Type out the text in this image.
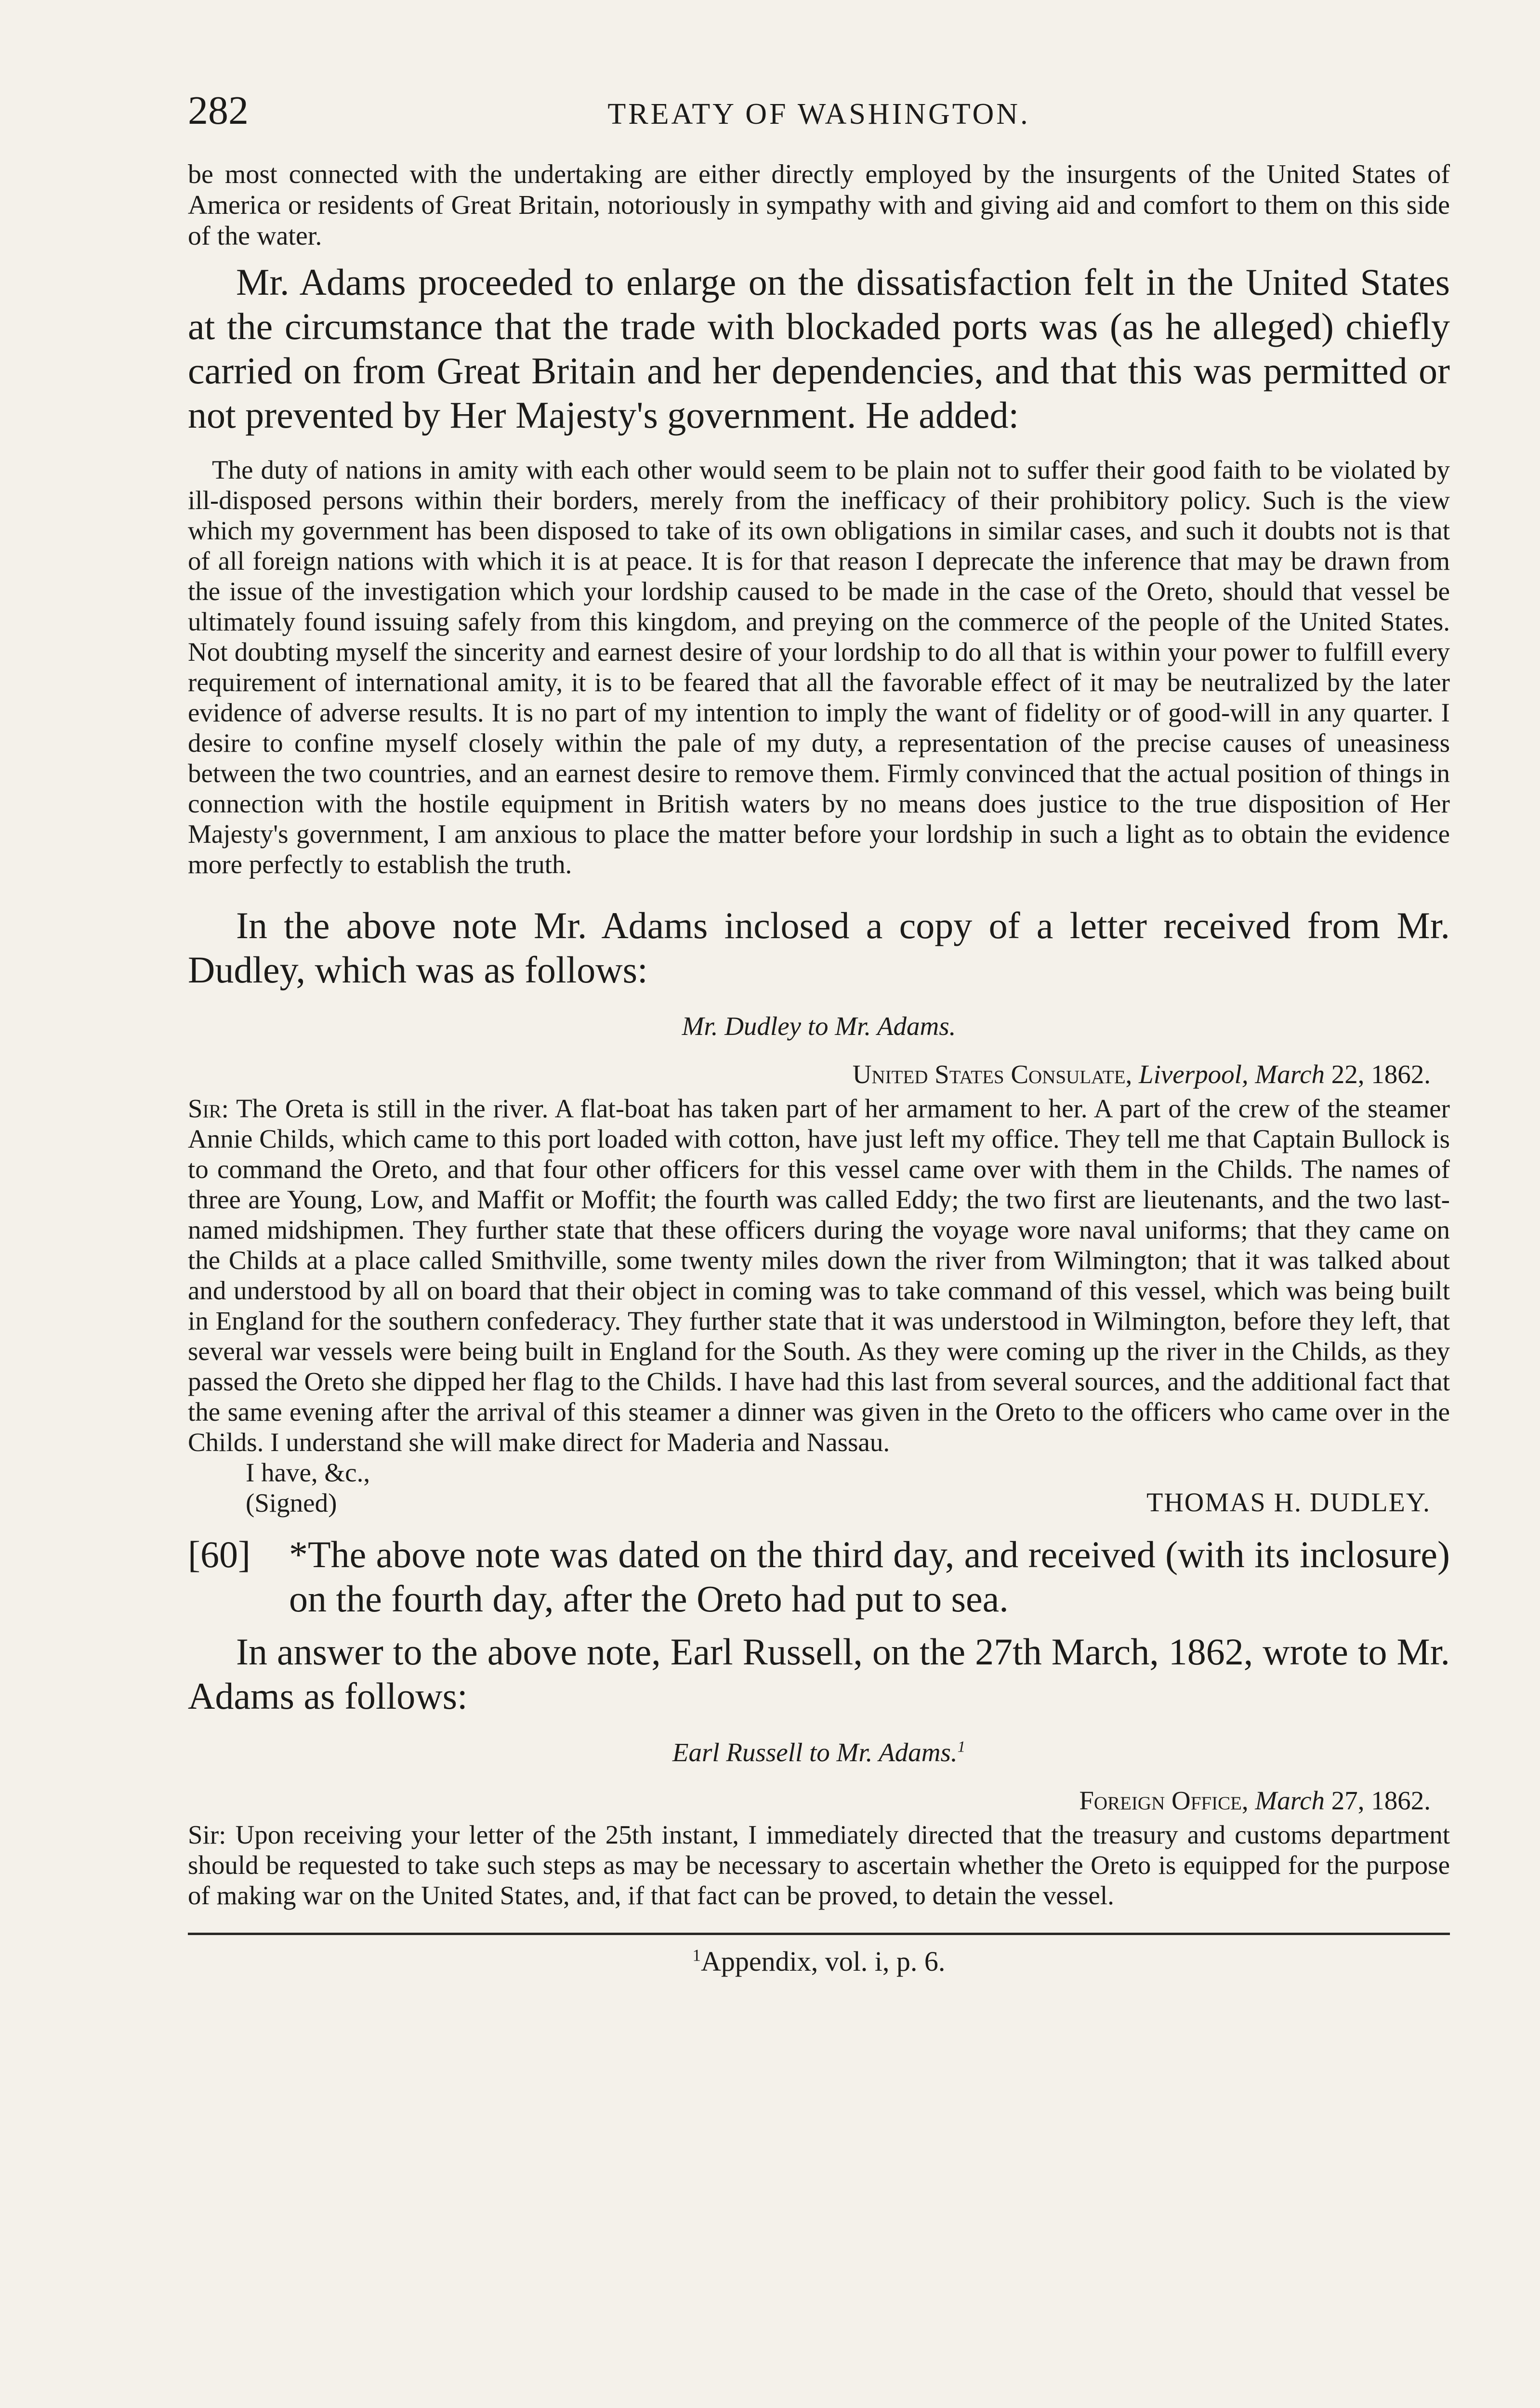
282	TREATY OF WASHINGTON.

be most connected with the undertaking are either directly employed by the insurgents of the United States of America or residents of Great Britain, notoriously in sympathy with and giving aid and comfort to them on this side of the water.

Mr. Adams proceeded to enlarge on the dissatisfaction felt in the United States at the circumstance that the trade with blockaded ports was (as he alleged) chiefly carried on from Great Britain and her dependencies, and that this was permitted or not prevented by Her Majesty's government. He added:

The duty of nations in amity with each other would seem to be plain not to suffer their good faith to be violated by ill-disposed persons within their borders, merely from the inefficacy of their prohibitory policy. Such is the view which my government has been disposed to take of its own obligations in similar cases, and such it doubts not is that of all foreign nations with which it is at peace. It is for that reason I deprecate the inference that may be drawn from the issue of the investigation which your lordship caused to be made in the case of the Oreto, should that vessel be ultimately found issuing safely from this kingdom, and preying on the commerce of the people of the United States. Not doubting myself the sincerity and earnest desire of your lordship to do all that is within your power to fulfill every requirement of international amity, it is to be feared that all the favorable effect of it may be neutralized by the later evidence of adverse results. It is no part of my intention to imply the want of fidelity or of good-will in any quarter. I desire to confine myself closely within the pale of my duty, a representation of the precise causes of uneasiness between the two countries, and an earnest desire to remove them. Firmly convinced that the actual position of things in connection with the hostile equipment in British waters by no means does justice to the true disposition of Her Majesty's government, I am anxious to place the matter before your lordship in such a light as to obtain the evidence more perfectly to establish the truth.

In the above note Mr. Adams inclosed a copy of a letter received from Mr. Dudley, which was as follows:

Mr. Dudley to Mr. Adams.
United States Consulate, Liverpool, March 22, 1862.

Sir: The Oreta is still in the river. A flat-boat has taken part of her armament to her. A part of the crew of the steamer Annie Childs, which came to this port loaded with cotton, have just left my office. They tell me that Captain Bullock is to command the Oreto, and that four other officers for this vessel came over with them in the Childs. The names of three are Young, Low, and Maffit or Moffit; the fourth was called Eddy; the two first are lieutenants, and the two last-named midshipmen. They further state that these officers during the voyage wore naval uniforms; that they came on the Childs at a place called Smithville, some twenty miles down the river from Wilmington; that it was talked about and understood by all on board that their object in coming was to take command of this vessel, which was being built in England for the southern confederacy. They further state that it was understood in Wilmington, before they left, that several war vessels were being built in England for the South. As they were coming up the river in the Childs, as they passed the Oreto she dipped her flag to the Childs. I have had this last from several sources, and the additional fact that the same evening after the arrival of this steamer a dinner was given in the Oreto to the officers who came over in the Childs. I understand she will make direct for Maderia and Nassau.

I have, &c.,
(Signed)	THOMAS H. DUDLEY.
[60] *The above note was dated on the third day, and received (with its inclosure) on the fourth day, after the Oreto had put to sea.

In answer to the above note, Earl Russell, on the 27th March, 1862, wrote to Mr. Adams as follows:

Earl Russell to Mr. Adams.$^1$
Foreign Office, March 27, 1862.

Sir: Upon receiving your letter of the 25th instant, I immediately directed that the treasury and customs department should be requested to take such steps as may be necessary to ascertain whether the Oreto is equipped for the purpose of making war on the United States, and, if that fact can be proved, to detain the vessel.

$^1$Appendix, vol. i, p. 6.
